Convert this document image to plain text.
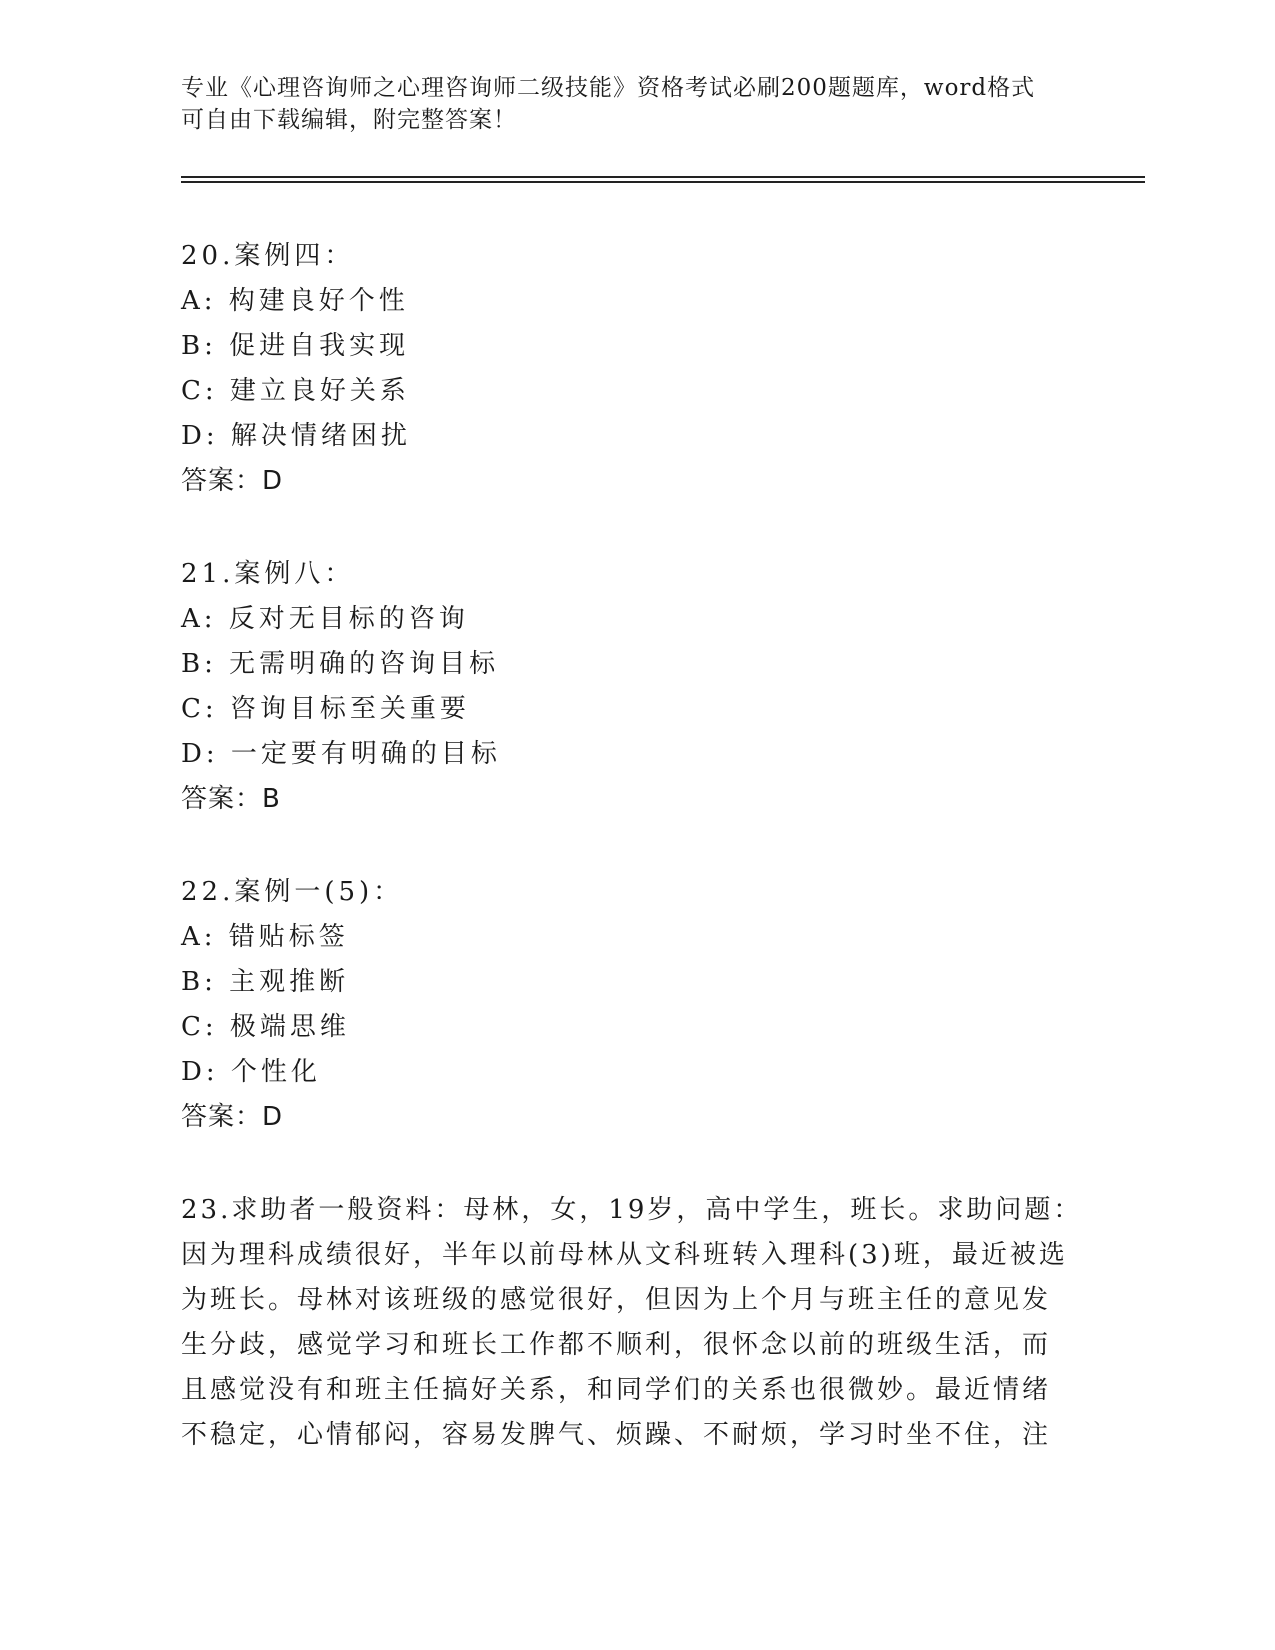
专业《心理咨询师之心理咨询师二级技能》资格考试必刷200题题库，word格式
可自由下载编辑，附完整答案！
20.案例四：
A: 构建良好个性
B: 促进自我实现
C: 建立良好关系
D: 解决情绪困扰
答案：D
21.案例八：
A: 反对无目标的咨询
B: 无需明确的咨询目标
C: 咨询目标至关重要
D: 一定要有明确的目标
答案：B
22.案例一(5)：
A: 错贴标签
B: 主观推断
C: 极端思维
D: 个性化
答案：D
23.求助者一般资料：母林，女，19岁，高中学生，班长。求助问题：
因为理科成绩很好，半年以前母林从文科班转入理科(3)班，最近被选
为班长。母林对该班级的感觉很好，但因为上个月与班主任的意见发
生分歧，感觉学习和班长工作都不顺利，很怀念以前的班级生活，而
且感觉没有和班主任搞好关系，和同学们的关系也很微妙。最近情绪
不稳定，心情郁闷，容易发脾气、烦躁、不耐烦，学习时坐不住，注
